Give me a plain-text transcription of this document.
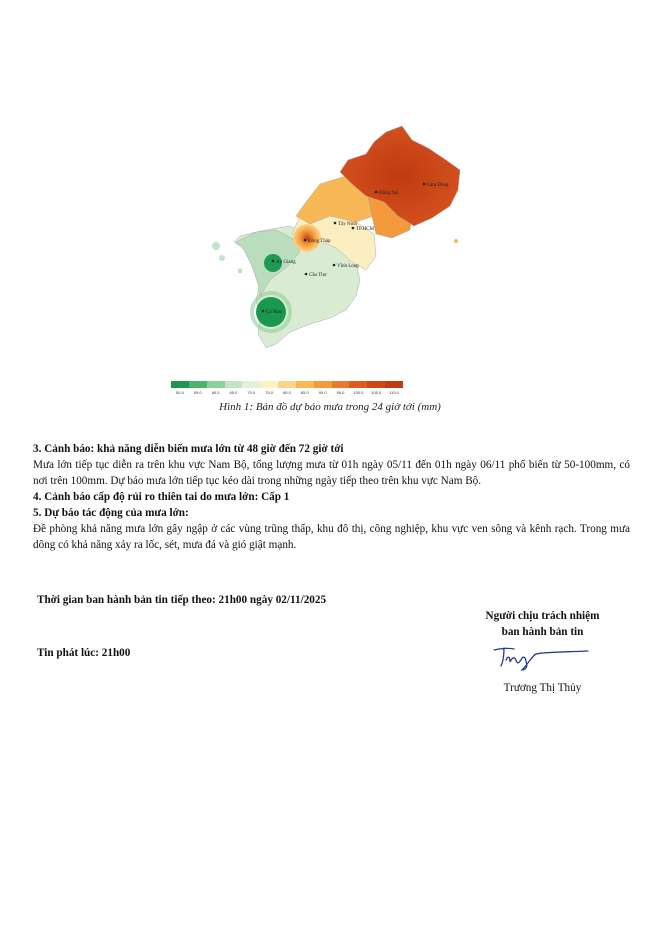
Lâm Đồng
Đồng Nai
Tây Ninh
TP.HCM
Đồng Tháp
An Giang
Vĩnh Long
Cần Thơ
Cà Mau
50.0	55.0	60.0	65.0	70.0	75.0	80.0	85.0	90.0	95.0	100.0	105.0	110.0
Hình 1: Bản đồ dự báo mưa trong 24 giờ tới (mm)
3. Cảnh báo: khả năng diễn biến mưa lớn từ 48 giờ đến 72 giờ tới
Mưa lớn tiếp tục diễn ra trên khu vực Nam Bộ, tổng lượng mưa từ 01h ngày 05/11 đến 01h ngày 06/11 phổ biến từ 50-100mm, có nơi trên 100mm. Dự báo mưa lớn tiếp tục kéo dài trong những ngày tiếp theo trên khu vực Nam Bộ.
4. Cảnh báo cấp độ rủi ro thiên tai do mưa lớn: Cấp 1
5. Dự báo tác động của mưa lớn:
Đề phòng khả năng mưa lớn gây ngập ở các vùng trũng thấp, khu đô thị, công nghiệp, khu vực ven sông và kênh rạch. Trong mưa dông có khả năng xảy ra lốc, sét, mưa đá và gió giật mạnh.
Thời gian ban hành bản tin tiếp theo: 21h00 ngày 02/11/2025
Người chịu trách nhiệm
ban hành bản tin
Tin phát lúc: 21h00
Trương Thị Thủy
